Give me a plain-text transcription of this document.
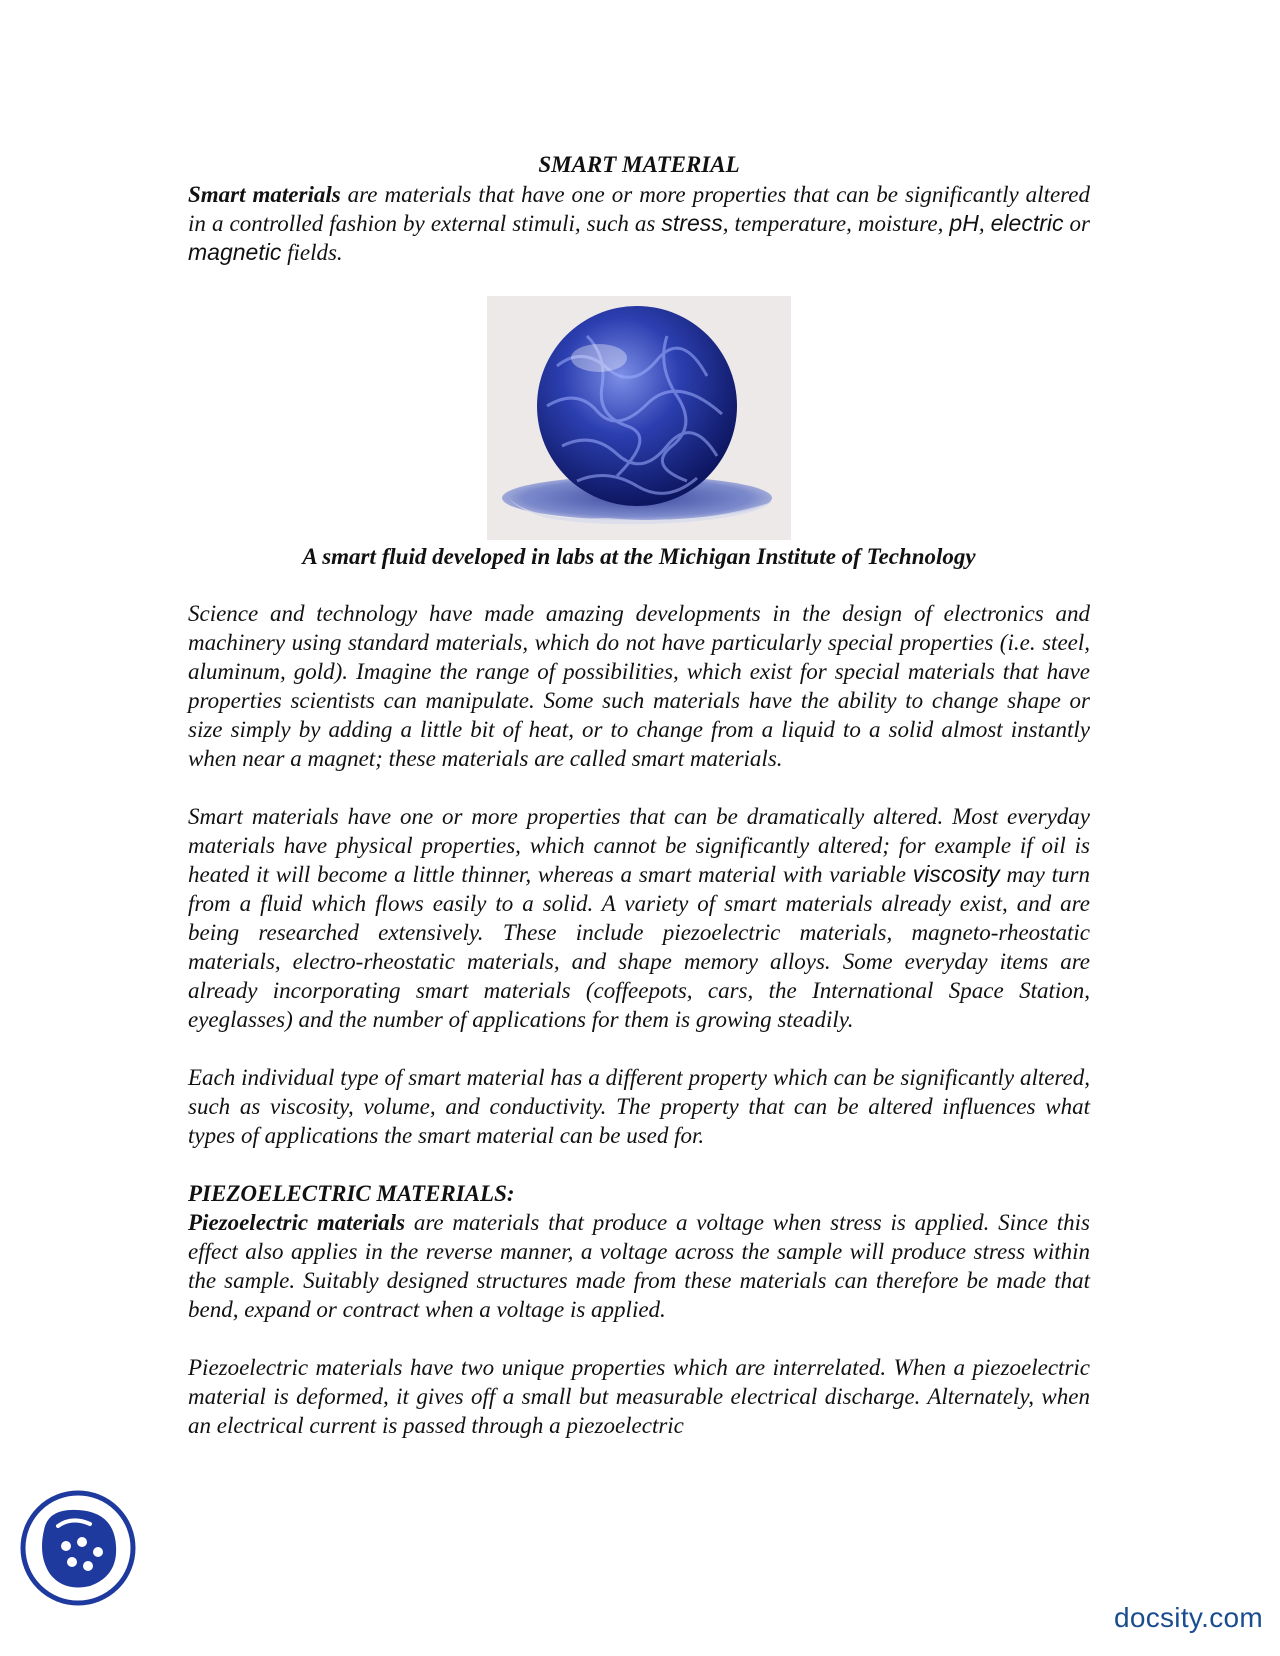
SMART MATERIAL

Smart materials are materials that have one or more properties that can be significantly altered in a controlled fashion by external stimuli, such as stress, temperature, moisture, pH, electric or magnetic fields.

A smart fluid developed in labs at the Michigan Institute of Technology

Science and technology have made amazing developments in the design of electronics and machinery using standard materials, which do not have particularly special properties (i.e. steel, aluminum, gold). Imagine the range of possibilities, which exist for special materials that have properties scientists can manipulate. Some such materials have the ability to change shape or size simply by adding a little bit of heat, or to change from a liquid to a solid almost instantly when near a magnet; these materials are called smart materials.

Smart materials have one or more properties that can be dramatically altered. Most everyday materials have physical properties, which cannot be significantly altered; for example if oil is heated it will become a little thinner, whereas a smart material with variable viscosity may turn from a fluid which flows easily to a solid. A variety of smart materials already exist, and are being researched extensively. These include piezoelectric materials, magneto-rheostatic materials, electro-rheostatic materials, and shape memory alloys. Some everyday items are already incorporating smart materials (coffeepots, cars, the International Space Station, eyeglasses) and the number of applications for them is growing steadily.

Each individual type of smart material has a different property which can be significantly altered, such as viscosity, volume, and conductivity. The property that can be altered influences what types of applications the smart material can be used for.

PIEZOELECTRIC MATERIALS:

Piezoelectric materials are materials that produce a voltage when stress is applied. Since this effect also applies in the reverse manner, a voltage across the sample will produce stress within the sample. Suitably designed structures made from these materials can therefore be made that bend, expand or contract when a voltage is applied.

Piezoelectric materials have two unique properties which are interrelated. When a piezoelectric material is deformed, it gives off a small but measurable electrical discharge. Alternately, when an electrical current is passed through a piezoelectric

docsity.com
